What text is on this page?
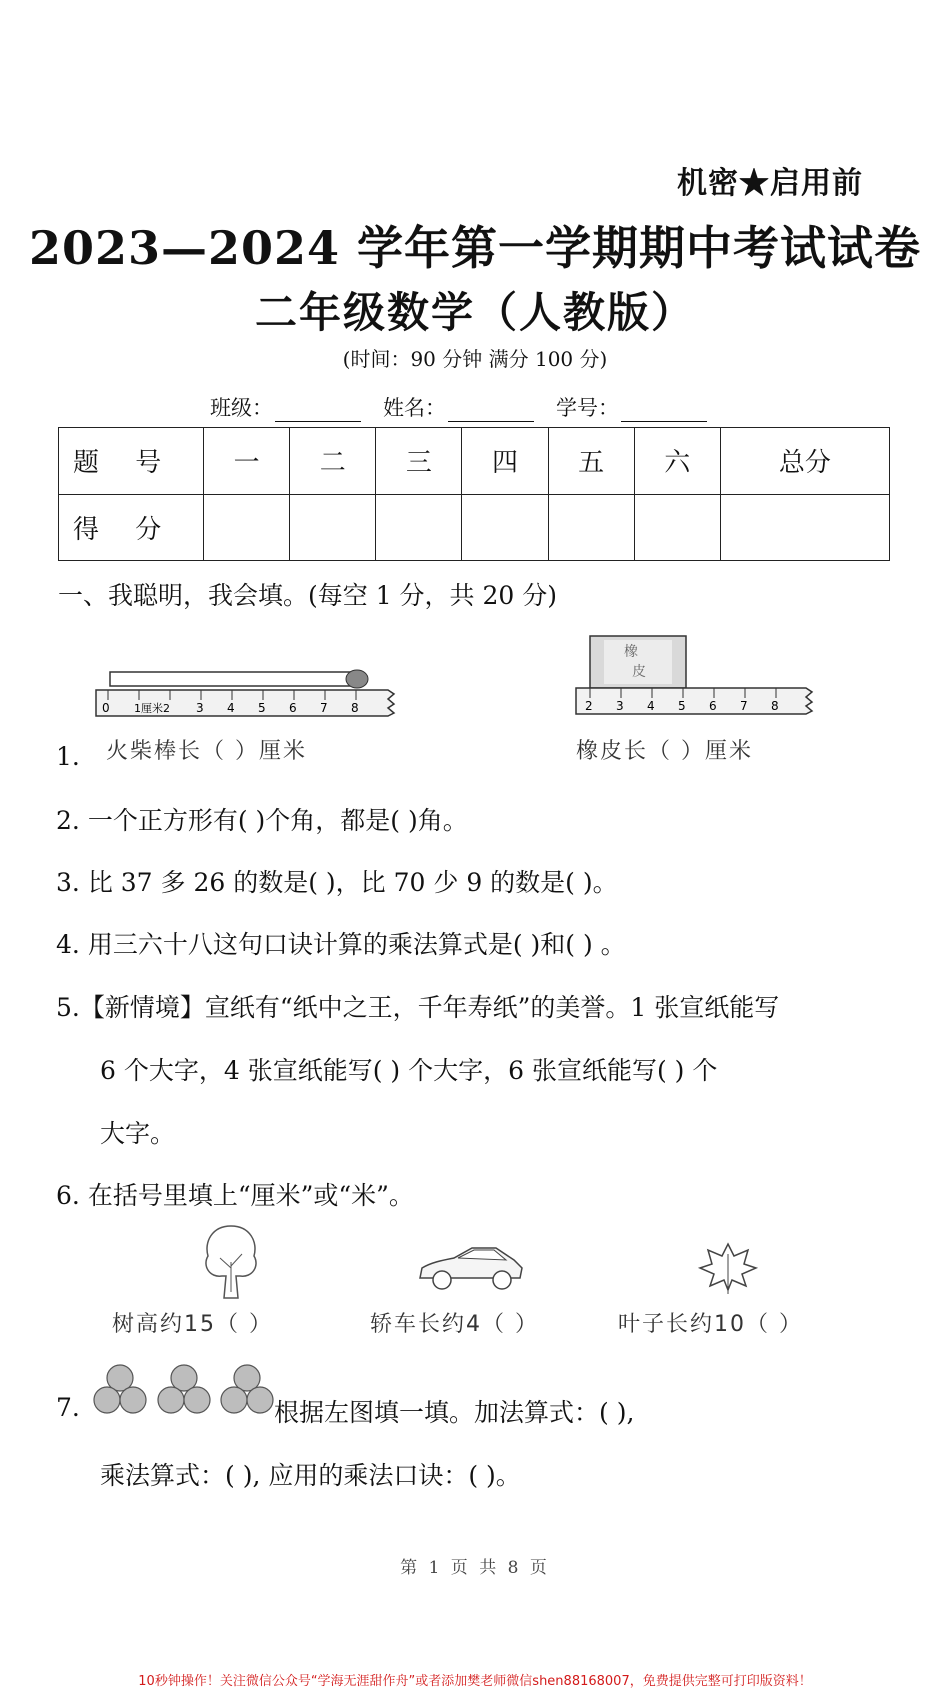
机密★启用前
2023—2024 学年第一学期期中考试试卷
二年级数学（人教版）
(时间：90 分钟 满分 100 分)
班级：	姓名：	学号：
题 号	一	二	三	四	五	六	总分
得 分							
一、我聪明，我会填。(每空 1 分，共 20 分)
0 1厘米2 3 4 5 6 7 8
橡
皮
2 3 4 5 6 7 8
1. 火柴棒长（ ）厘米	橡皮长（ ）厘米
2. 一个正方形有( )个角，都是( )角。
3. 比 37 多 26 的数是( )，比 70 少 9 的数是( )。
4. 用三六十八这句口诀计算的乘法算式是( )和( ) 。
5.【新情境】宣纸有“纸中之王，千年寿纸”的美誉。1 张宣纸能写
6 个大字，4 张宣纸能写( ) 个大字，6 张宣纸能写( ) 个
大字。
6. 在括号里填上“厘米”或“米”。
树高约15（ ）	轿车长约4（ ）	叶子长约10（ ）
7.	根据左图填一填。加法算式：( ),
乘法算式：( ), 应用的乘法口诀：( )。
第 1 页 共 8 页
10秒钟操作！关注微信公众号“学海无涯甜作舟”或者添加樊老师微信shen88168007，免费提供完整可打印版资料！
